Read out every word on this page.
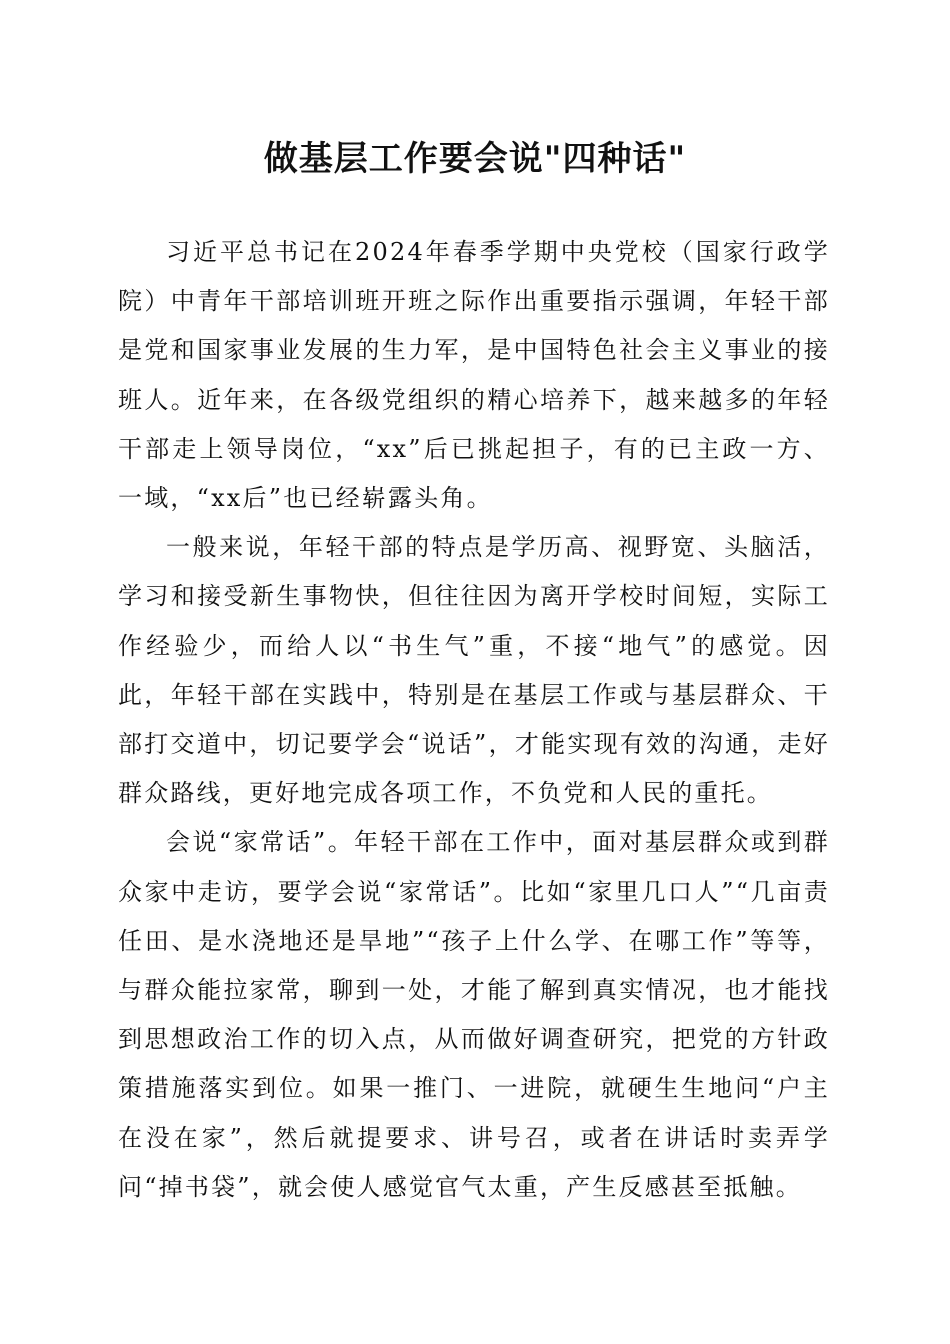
做基层工作要会说"四种话"

习近平总书记在2024年春季学期中央党校（国家行政学院）中青年干部培训班开班之际作出重要指示强调，年轻干部是党和国家事业发展的生力军，是中国特色社会主义事业的接班人。近年来，在各级党组织的精心培养下，越来越多的年轻干部走上领导岗位，“xx”后已挑起担子，有的已主政一方、一域，“xx后”也已经崭露头角。

一般来说，年轻干部的特点是学历高、视野宽、头脑活，学习和接受新生事物快，但往往因为离开学校时间短，实际工作经验少，而给人以“书生气”重，不接“地气”的感觉。因此，年轻干部在实践中，特别是在基层工作或与基层群众、干部打交道中，切记要学会“说话”，才能实现有效的沟通，走好群众路线，更好地完成各项工作，不负党和人民的重托。

会说“家常话”。年轻干部在工作中，面对基层群众或到群众家中走访，要学会说“家常话”。比如“家里几口人”“几亩责任田、是水浇地还是旱地”“孩子上什么学、在哪工作”等等，与群众能拉家常，聊到一处，才能了解到真实情况，也才能找到思想政治工作的切入点，从而做好调查研究，把党的方针政策措施落实到位。如果一推门、一进院，就硬生生地问“户主在没在家”，然后就提要求、讲号召，或者在讲话时卖弄学问“掉书袋”，就会使人感觉官气太重，产生反感甚至抵触。
